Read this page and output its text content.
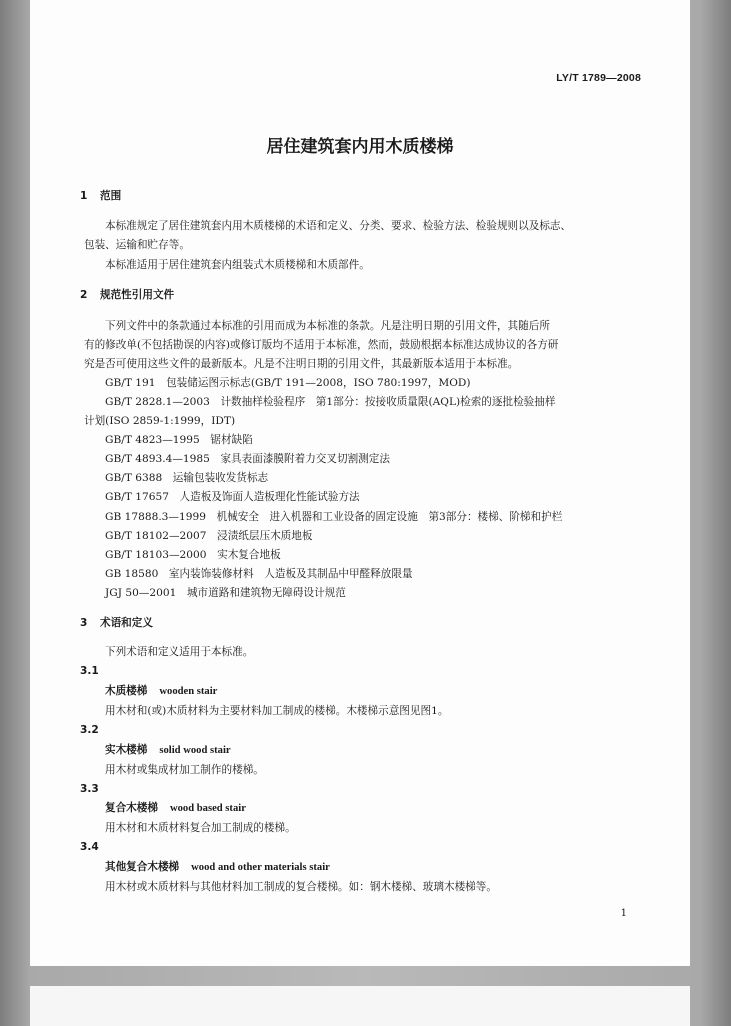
LY/T 1789—2008
居住建筑套内用木质楼梯
1 范围
本标准规定了居住建筑套内用木质楼梯的术语和定义、分类、要求、检验方法、检验规则以及标志、
包装、运输和贮存等。
本标准适用于居住建筑套内组装式木质楼梯和木质部件。
2 规范性引用文件
下列文件中的条款通过本标准的引用而成为本标准的条款。凡是注明日期的引用文件，其随后所
有的修改单(不包括勘误的内容)或修订版均不适用于本标准，然而，鼓励根据本标准达成协议的各方研
究是否可使用这些文件的最新版本。凡是不注明日期的引用文件，其最新版本适用于本标准。
GB/T 191　包装储运图示标志(GB/T 191—2008，ISO 780:1997，MOD)
GB/T 2828.1—2003　计数抽样检验程序　第1部分：按接收质量限(AQL)检索的逐批检验抽样
计划(ISO 2859-1:1999，IDT)
GB/T 4823—1995　锯材缺陷
GB/T 4893.4—1985　家具表面漆膜附着力交叉切割测定法
GB/T 6388　运输包装收发货标志
GB/T 17657　人造板及饰面人造板理化性能试验方法
GB 17888.3—1999　机械安全　进入机器和工业设备的固定设施　第3部分：楼梯、阶梯和护栏
GB/T 18102—2007　浸渍纸层压木质地板
GB/T 18103—2000　实木复合地板
GB 18580　室内装饰装修材料　人造板及其制品中甲醛释放限量
JGJ 50—2001　城市道路和建筑物无障碍设计规范
3 术语和定义
下列术语和定义适用于本标准。
3.1
木质楼梯 wooden stair
用木材和(或)木质材料为主要材料加工制成的楼梯。木楼梯示意图见图1。
3.2
实木楼梯 solid wood stair
用木材或集成材加工制作的楼梯。
3.3
复合木楼梯 wood based stair
用木材和木质材料复合加工制成的楼梯。
3.4
其他复合木楼梯 wood and other materials stair
用木材或木质材料与其他材料加工制成的复合楼梯。如：钢木楼梯、玻璃木楼梯等。
1
